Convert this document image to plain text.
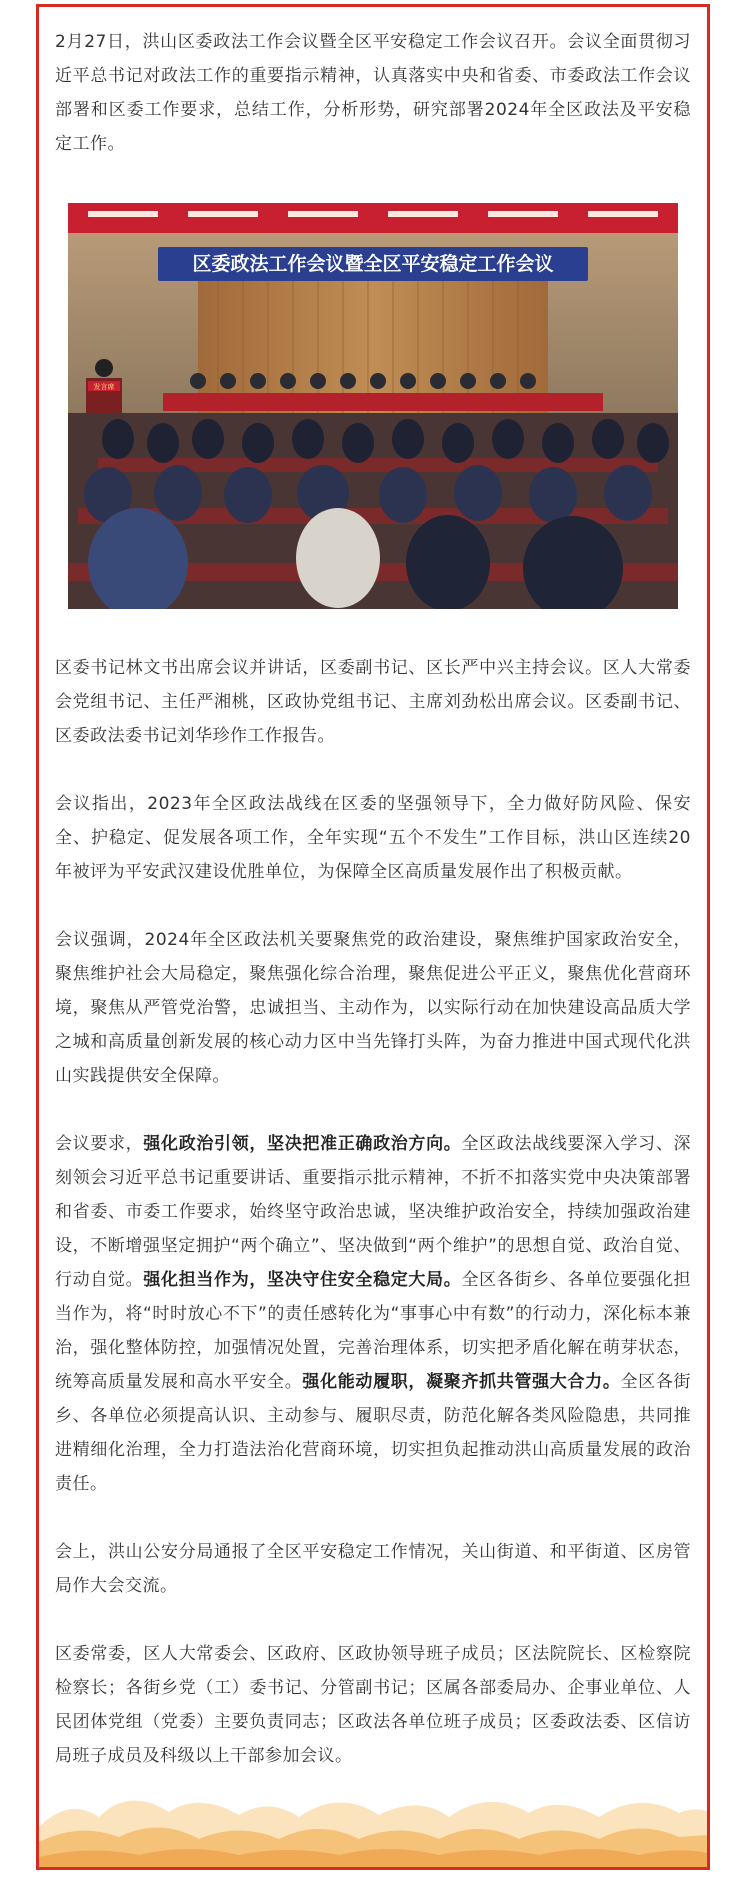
2月27日，洪山区委政法工作会议暨全区平安稳定工作会议召开。会议全面贯彻习近平总书记对政法工作的重要指示精神，认真落实中央和省委、市委政法工作会议部署和区委工作要求，总结工作，分析形势，研究部署2024年全区政法及平安稳定工作。

区委政法工作会议暨全区平安稳定工作会议
发言席

区委书记林文书出席会议并讲话，区委副书记、区长严中兴主持会议。区人大常委会党组书记、主任严湘桃，区政协党组书记、主席刘劲松出席会议。区委副书记、区委政法委书记刘华珍作工作报告。

会议指出，2023年全区政法战线在区委的坚强领导下，全力做好防风险、保安全、护稳定、促发展各项工作，全年实现“五个不发生”工作目标，洪山区连续20年被评为平安武汉建设优胜单位，为保障全区高质量发展作出了积极贡献。

会议强调，2024年全区政法机关要聚焦党的政治建设，聚焦维护国家政治安全，聚焦维护社会大局稳定，聚焦强化综合治理，聚焦促进公平正义，聚焦优化营商环境，聚焦从严管党治警，忠诚担当、主动作为，以实际行动在加快建设高品质大学之城和高质量创新发展的核心动力区中当先锋打头阵，为奋力推进中国式现代化洪山实践提供安全保障。

会议要求，强化政治引领，坚决把准正确政治方向。全区政法战线要深入学习、深刻领会习近平总书记重要讲话、重要指示批示精神，不折不扣落实党中央决策部署和省委、市委工作要求，始终坚守政治忠诚，坚决维护政治安全，持续加强政治建设，不断增强坚定拥护“两个确立”、坚决做到“两个维护”的思想自觉、政治自觉、行动自觉。强化担当作为，坚决守住安全稳定大局。全区各街乡、各单位要强化担当作为，将“时时放心不下”的责任感转化为“事事心中有数”的行动力，深化标本兼治，强化整体防控，加强情况处置，完善治理体系，切实把矛盾化解在萌芽状态，统筹高质量发展和高水平安全。强化能动履职，凝聚齐抓共管强大合力。全区各街乡、各单位必须提高认识、主动参与、履职尽责，防范化解各类风险隐患，共同推进精细化治理，全力打造法治化营商环境，切实担负起推动洪山高质量发展的政治责任。

会上，洪山公安分局通报了全区平安稳定工作情况，关山街道、和平街道、区房管局作大会交流。

区委常委，区人大常委会、区政府、区政协领导班子成员；区法院院长、区检察院检察长；各街乡党（工）委书记、分管副书记；区属各部委局办、企事业单位、人民团体党组（党委）主要负责同志；区政法各单位班子成员；区委政法委、区信访局班子成员及科级以上干部参加会议。
